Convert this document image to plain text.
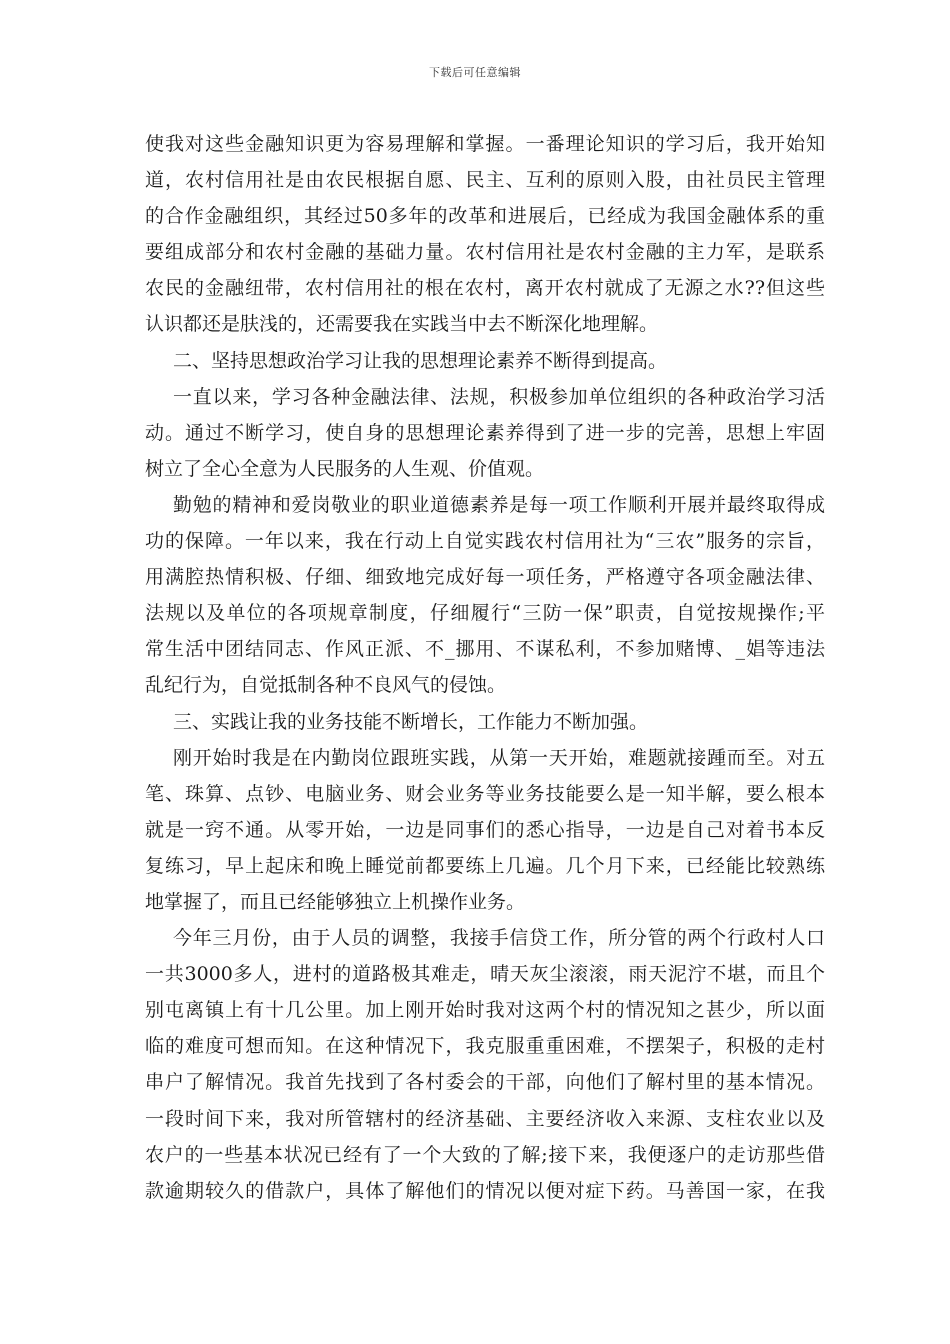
下载后可任意编辑
使我对这些金融知识更为容易理解和掌握。一番理论知识的学习后，我开始知
道，农村信用社是由农民根据自愿、民主、互利的原则入股，由社员民主管理
的合作金融组织，其经过50多年的改革和进展后，已经成为我国金融体系的重
要组成部分和农村金融的基础力量。农村信用社是农村金融的主力军，是联系
农民的金融纽带，农村信用社的根在农村，离开农村就成了无源之水??但这些
认识都还是肤浅的，还需要我在实践当中去不断深化地理解。
二、坚持思想政治学习让我的思想理论素养不断得到提高。
一直以来，学习各种金融法律、法规，积极参加单位组织的各种政治学习活
动。通过不断学习，使自身的思想理论素养得到了进一步的完善，思想上牢固
树立了全心全意为人民服务的人生观、价值观。
勤勉的精神和爱岗敬业的职业道德素养是每一项工作顺利开展并最终取得成
功的保障。一年以来，我在行动上自觉实践农村信用社为“三农”服务的宗旨，
用满腔热情积极、仔细、细致地完成好每一项任务，严格遵守各项金融法律、
法规以及单位的各项规章制度，仔细履行“三防一保”职责，自觉按规操作;平
常生活中团结同志、作风正派、不_挪用、不谋私利，不参加赌博、_娼等违法
乱纪行为，自觉抵制各种不良风气的侵蚀。
三、实践让我的业务技能不断增长，工作能力不断加强。
刚开始时我是在内勤岗位跟班实践，从第一天开始，难题就接踵而至。对五
笔、珠算、点钞、电脑业务、财会业务等业务技能要么是一知半解，要么根本
就是一窍不通。从零开始，一边是同事们的悉心指导，一边是自己对着书本反
复练习，早上起床和晚上睡觉前都要练上几遍。几个月下来，已经能比较熟练
地掌握了，而且已经能够独立上机操作业务。
今年三月份，由于人员的调整，我接手信贷工作，所分管的两个行政村人口
一共3000多人，进村的道路极其难走，晴天灰尘滚滚，雨天泥泞不堪，而且个
别屯离镇上有十几公里。加上刚开始时我对这两个村的情况知之甚少，所以面
临的难度可想而知。在这种情况下，我克服重重困难，不摆架子，积极的走村
串户了解情况。我首先找到了各村委会的干部，向他们了解村里的基本情况。
一段时间下来，我对所管辖村的经济基础、主要经济收入来源、支柱农业以及
农户的一些基本状况已经有了一个大致的了解;接下来，我便逐户的走访那些借
款逾期较久的借款户，具体了解他们的情况以便对症下药。马善国一家，在我
